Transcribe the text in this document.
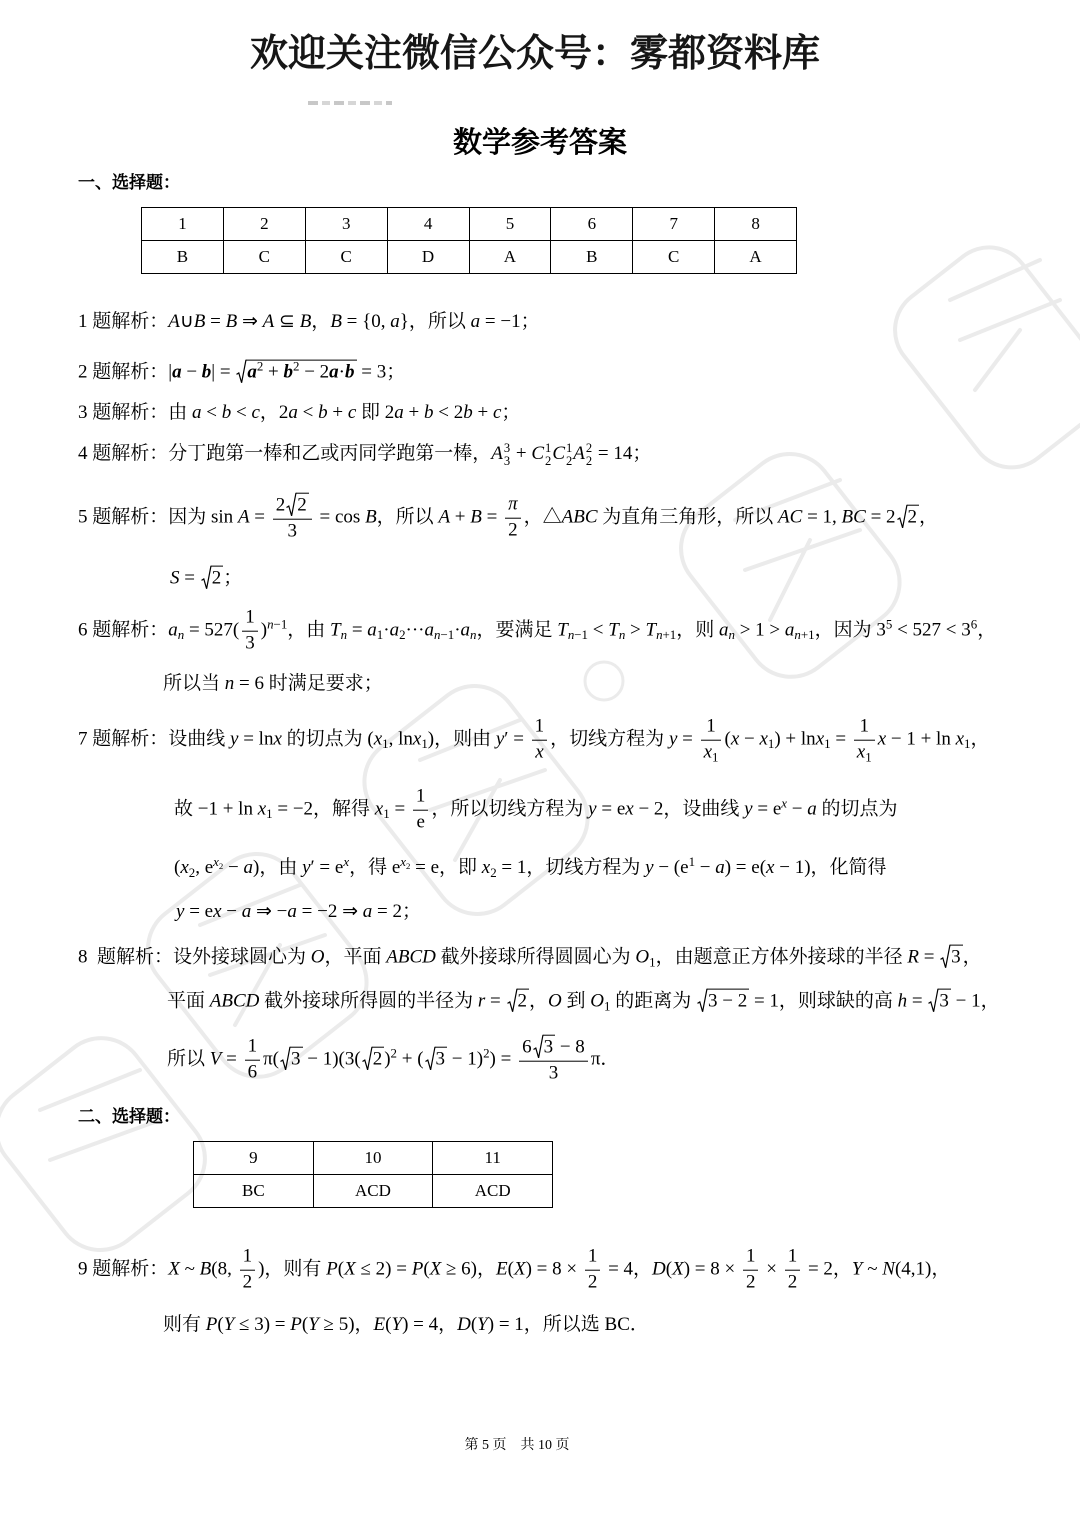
欢迎关注微信公众号：雾都资料库
数学参考答案
一、选择题：
1	2	3	4	5	6	7	8
B	C	C	D	A	B	C	A
1 题解析：A∪B = B ⇒ A ⊆ B，B = {0, a}，所以 a = −1；
2 题解析：|a − b| =
$a^2 + b^2 - 2a\cdot b = 3$；
3 题解析：由 a < b < c，2a < b + c 即 2a + b < 2b + c；
4 题解析：分丁跑第一棒和乙或丙同学跑第一棒，A 3
3 + C 1
2 C 1
2 A 2
2 = 14；
5 题解析：因为 $\sin A = \frac{2 2}{3} = \cos B$，所以 $A + B = \frac{\pi}{2}$ ，△ABC 为直角三角形，所以 AC = 1, BC = 2 2 ，
S =
2 ；
6 题解析：$a_n = 527( \frac{1}{3} )^{n-1}$，由 $T_n = a_1\cdot a_2\cdot\cdot\cdot a_{n-1}\cdot a_n$，要满足 $T_{n-1} < T_n > T_{n+1}$，则 $a_n > 1 > a_{n+1}$，因为 $3^5 < 527 < 3^6$，
所以当 n = 6 时满足要求；
7 题解析：设曲线 y = lnx 的切点为 ($x_1$, lnx$_1$)，则由 $y' = \frac{1}{x}$ ，切线方程为 $y = \frac{1}{x_1} (x - x_1) + \ln x_1 = \frac{1}{x_1}$ $x - 1 + \ln x_1$，
故 $-1 + \ln x_1 = -2$，解得 $x_1 = \frac{1}{e}$ ，所以切线方程为 y = ex − 2，设曲线 $y = e^x - a$ 的切点为
($x_2$, $e^{x_2} - a$)，由 $y' = e^x$，得 $e^{x_2} = e$，即 $x_2 = 1$，切线方程为 $y - (e^1 - a) = e(x - 1)$，化简得
y = ex − a ⇒ −a = −2 ⇒ a = 2；
8  题解析：设外接球圆心为 O，平面 ABCD 截外接球所得圆圆心为 $O_1$，由题意正方体外接球的半径 R =
3 ，
平面 ABCD 截外接球所得圆的半径为 r =
2 ，O 到 $O_1$ 的距离为
3 − 2 = 1，则球缺的高 h =
3 − 1，
所以 $V = \frac{1}{6} \pi$( 3 − 1)(3( 2 )$^2$ + ( $3 - 1)^2) = \frac{6 3 - 8}{3}$ π．
二、选择题：
9	10	11
BC	ACD	ACD
9 题解析：X ~ B(8, $\frac{1}{2}$ )，则有 P(X ≤ 2) = P(X ≥ 6)，$E(X) = 8 \times \frac{1}{2} = 4$，$D(X) = 8 \times \frac{1}{2} \times \frac{1}{2} = 2$，Y ~ N(4,1)，
则有 P(Y ≤ 3) = P(Y ≥ 5)，E(Y) = 4，D(Y) = 1，所以选 BC．
第 5 页　共 10 页
